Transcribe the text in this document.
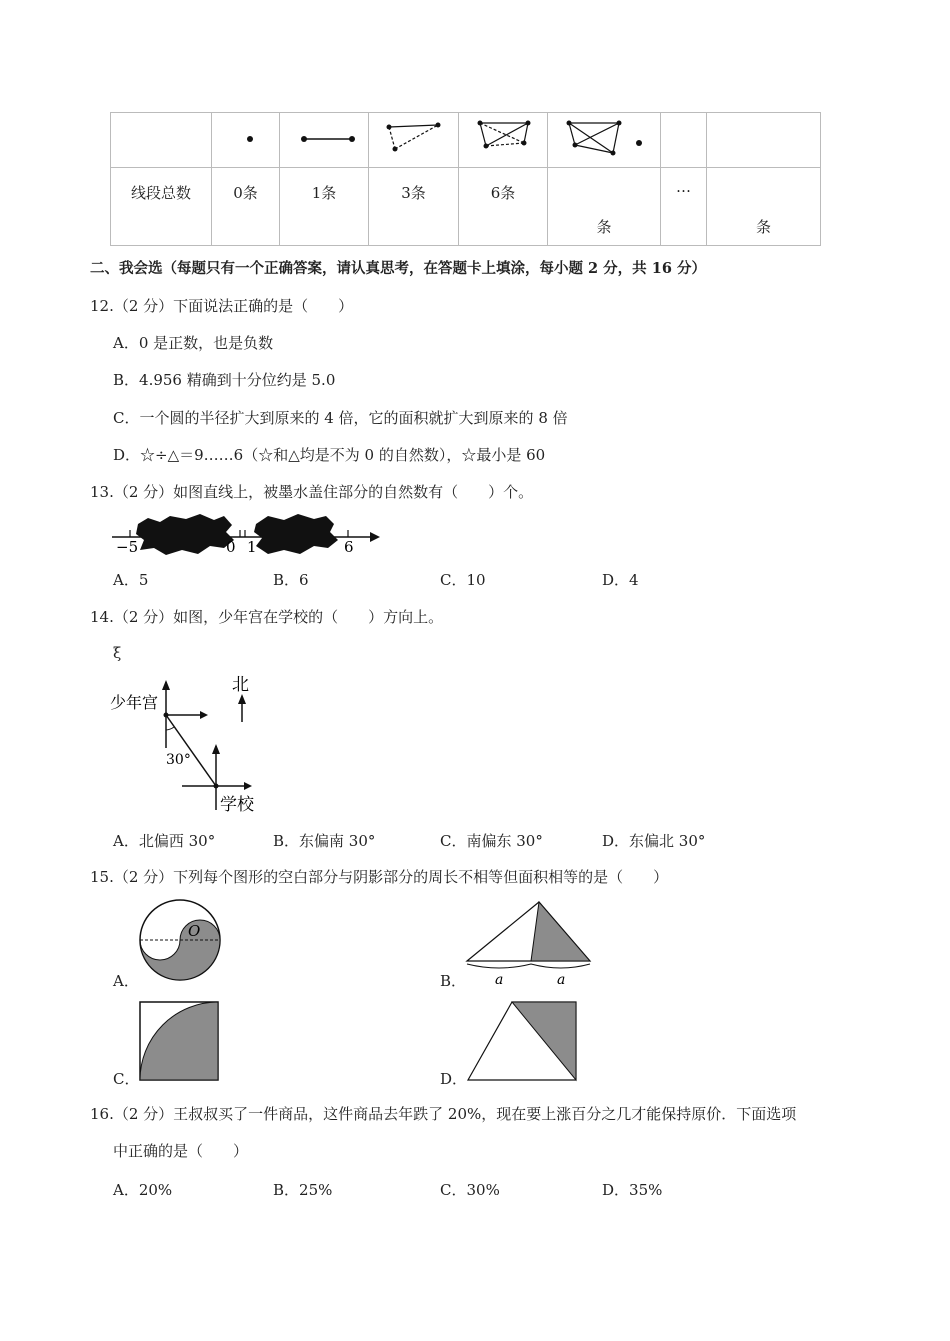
线段总数	0条	1条	3条	6条	条	…	条
二、我会选（每题只有一个正确答案，请认真思考，在答题卡上填涂，每小题 2 分，共 16 分）
12.（2 分）下面说法正确的是（　　）
A．0 是正数，也是负数
B．4.956 精确到十分位约是 5.0
C．一个圆的半径扩大到原来的 4 倍，它的面积就扩大到原来的 8 倍
D．☆÷△＝9……6（☆和△均是不为 0 的自然数），☆最小是 60
13.（2 分）如图直线上，被墨水盖住部分的自然数有（　　）个。
−5	0 1	6
A．5	B．6	C．10	D．4
14.（2 分）如图，少年宫在学校的（　　）方向上。
ξ
北
少年宫
30°
学校
A．北偏西 30°	B．东偏南 30°	C．南偏东 30°	D．东偏北 30°
15.（2 分）下列每个图形的空白部分与阴影部分的周长不相等但面积相等的是（　　）
A．
O
B． a	a
C．	D．
16.（2 分）王叔叔买了一件商品，这件商品去年跌了 20%，现在要上涨百分之几才能保持原价．下面选项
中正确的是（　　）
A．20%	B．25%	C．30%	D．35%
